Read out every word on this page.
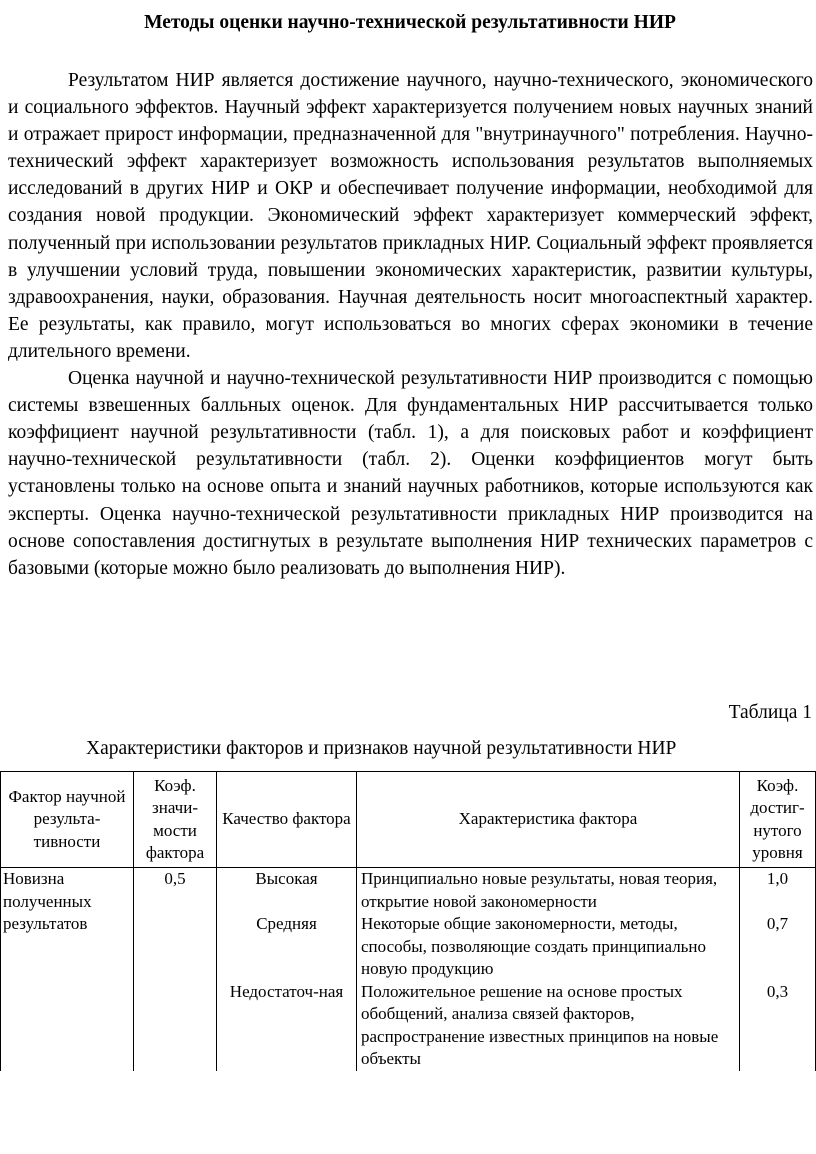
Методы оценки научно-технической результативности НИР

Результатом НИР является достижение научного, научно-технического, экономического и социального эффектов. Научный эффект характеризуется получением новых научных знаний и отражает прирост информации, предназначенной для "внутринаучного" потребления. Научно-технический эффект характеризует возможность использования результатов выполняемых исследований в других НИР и ОКР и обеспечивает получение информации, необходимой для создания новой продукции. Экономический эффект характеризует коммерческий эффект, полученный при использовании результатов прикладных НИР. Социальный эффект проявляется в улучшении условий труда, повышении экономических характеристик, развитии культуры, здравоохранения, науки, образования. Научная деятельность носит многоаспектный характер. Ее результаты, как правило, могут использоваться во многих сферах экономики в течение длительного времени.

Оценка научной и научно-технической результативности НИР производится с помощью системы взвешенных балльных оценок. Для фундаментальных НИР рассчитывается только коэффициент научной результативности (табл. 1), а для поисковых работ и коэффициент научно-технической результативности (табл. 2). Оценки коэффициентов могут быть установлены только на основе опыта и знаний научных работников, которые используются как эксперты. Оценка научно-технической результативности прикладных НИР производится на основе сопоставления достигнутых в результате выполнения НИР технических параметров с базовыми (которые можно было реализовать до выполнения НИР).

Таблица 1

Характеристики факторов и признаков научной результативности НИР

Фактор научной результа-тивности	Коэф. значи-мости фактора	Качество фактора	Характеристика фактора	Коэф. достиг-нутого уровня
Новизна полученных результатов	0,5	Высокая	Принципиально новые результаты, новая теория, открытие новой закономерности	1,0
		Средняя	Некоторые общие закономерности, методы, способы, позволяющие создать принципиально новую продукцию	0,7
		Недостаточ-ная	Положительное решение на основе простых обобщений, анализа связей факторов, распространение известных принципов на новые объекты	0,3
